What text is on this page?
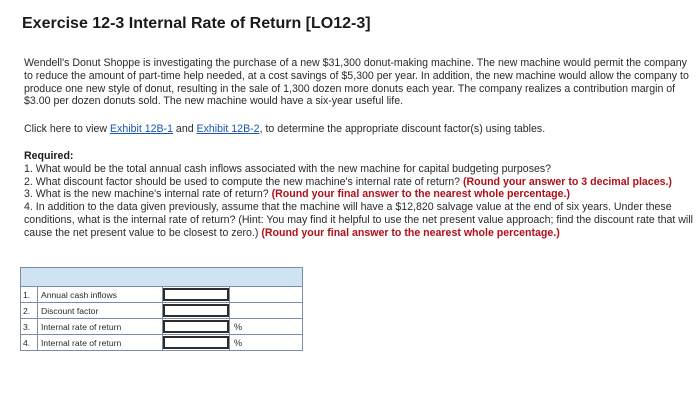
Exercise 12-3 Internal Rate of Return [LO12-3]
Wendell's Donut Shoppe is investigating the purchase of a new $31,300 donut-making machine. The new machine would permit the company to reduce the amount of part-time help needed, at a cost savings of $5,300 per year. In addition, the new machine would allow the company to produce one new style of donut, resulting in the sale of 1,300 dozen more donuts each year. The company realizes a contribution margin of $3.00 per dozen donuts sold. The new machine would have a six-year useful life.
Click here to view Exhibit 12B-1 and Exhibit 12B-2, to determine the appropriate discount factor(s) using tables.
Required:

1. What would be the total annual cash inflows associated with the new machine for capital budgeting purposes?

2. What discount factor should be used to compute the new machine's internal rate of return? (Round your answer to 3 decimal places.)

3. What is the new machine's internal rate of return? (Round your final answer to the nearest whole percentage.)

4. In addition to the data given previously, assume that the machine will have a $12,820 salvage value at the end of six years. Under these conditions, what is the internal rate of return? (Hint: You may find it helpful to use the net present value approach; find the discount rate that will cause the net present value to be closest to zero.) (Round your final answer to the nearest whole percentage.)

1.	Annual cash inflows	

2.	Discount factor	

3.	Internal rate of return		%
4.	Internal rate of return		%
